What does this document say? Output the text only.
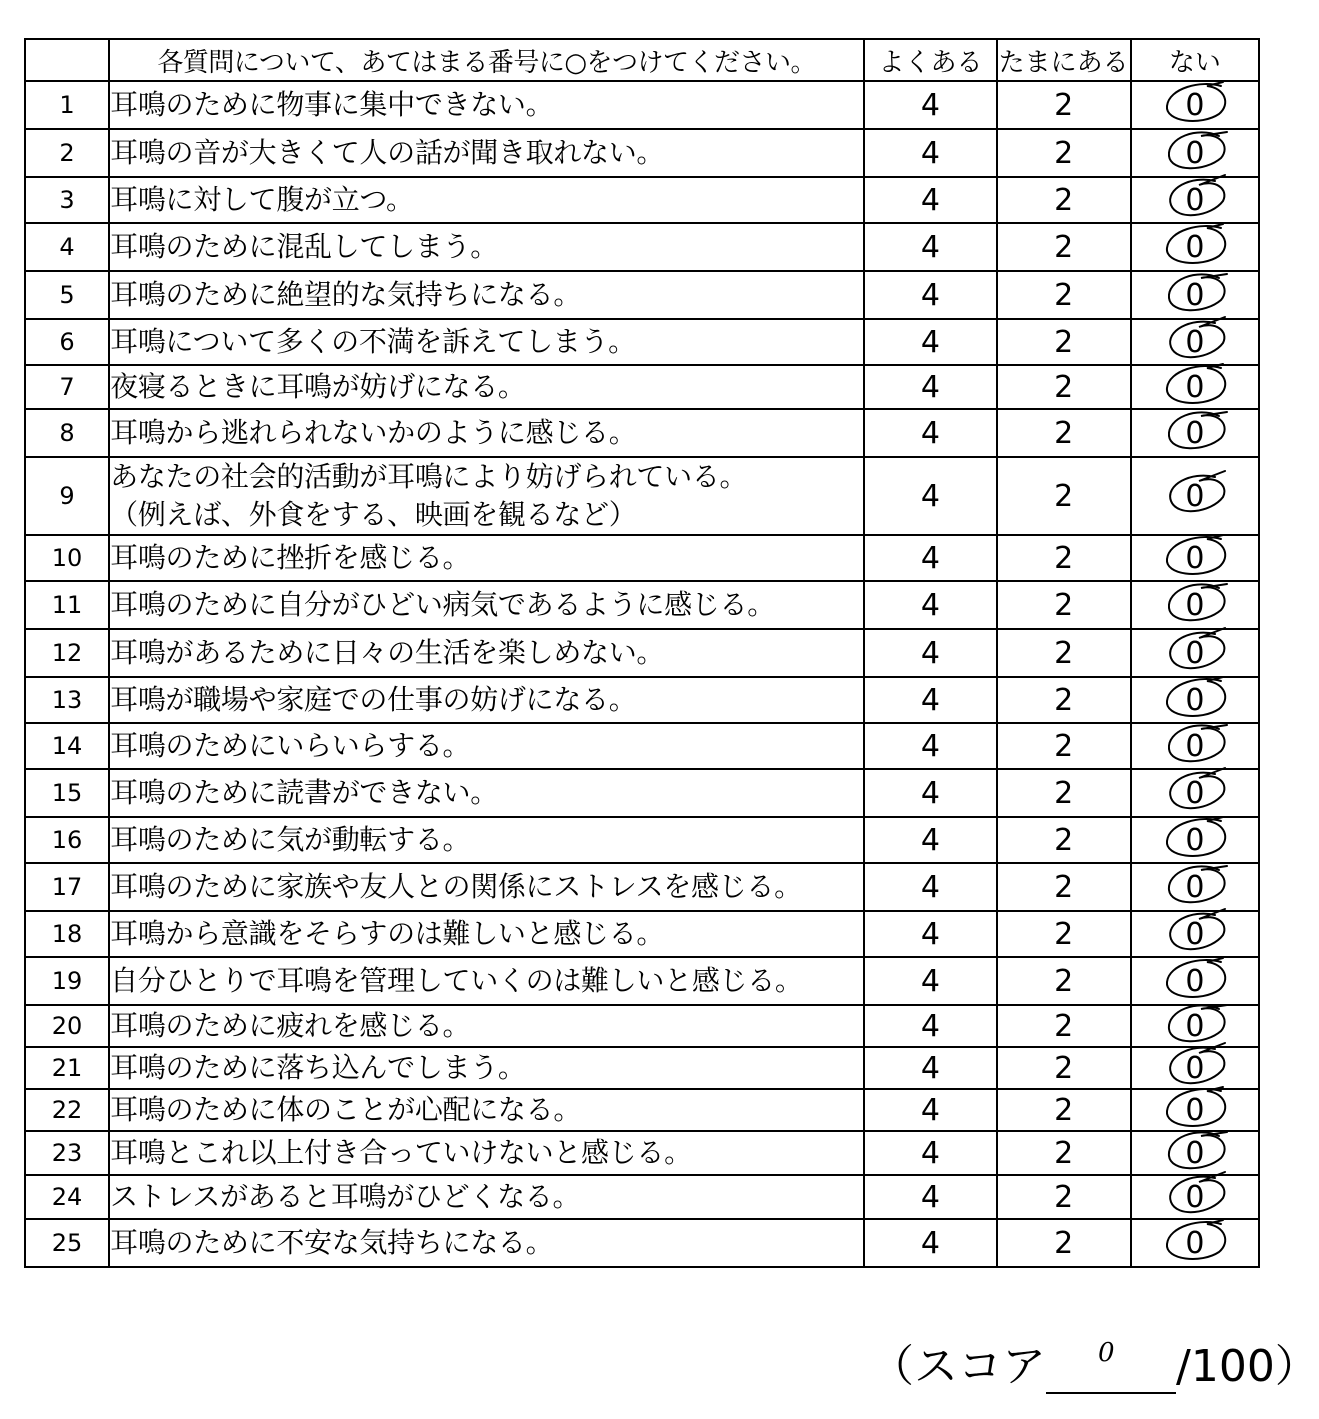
	各質問について、あてはまる番号に○をつけてください。	よくある	たまにある	ない
1	耳鳴のために物事に集中できない。	4	2	0

2	耳鳴の音が大きくて人の話が聞き取れない。	4	2	0

3	耳鳴に対して腹が立つ。	4	2	0

4	耳鳴のために混乱してしまう。	4	2	0

5	耳鳴のために絶望的な気持ちになる。	4	2	0

6	耳鳴について多くの不満を訴えてしまう。	4	2	0

7	夜寝るときに耳鳴が妨げになる。	4	2	0

8	耳鳴から逃れられないかのように感じる。	4	2	0

9	あなたの社会的活動が耳鳴により妨げられている。
（例えば、外食をする、映画を観るなど）	4	2	0

10	耳鳴のために挫折を感じる。	4	2	0

11	耳鳴のために自分がひどい病気であるように感じる。	4	2	0

12	耳鳴があるために日々の生活を楽しめない。	4	2	0

13	耳鳴が職場や家庭での仕事の妨げになる。	4	2	0

14	耳鳴のためにいらいらする。	4	2	0

15	耳鳴のために読書ができない。	4	2	0

16	耳鳴のために気が動転する。	4	2	0

17	耳鳴のために家族や友人との関係にストレスを感じる。	4	2	0

18	耳鳴から意識をそらすのは難しいと感じる。	4	2	0

19	自分ひとりで耳鳴を管理していくのは難しいと感じる。	4	2	0

20	耳鳴のために疲れを感じる。	4	2	0

21	耳鳴のために落ち込んでしまう。	4	2	0

22	耳鳴のために体のことが心配になる。	4	2	0

23	耳鳴とこれ以上付き合っていけないと感じる。	4	2	0

24	ストレスがあると耳鳴がひどくなる。	4	2	0

25	耳鳴のために不安な気持ちになる。	4	2	0
（スコア 0 /100）
